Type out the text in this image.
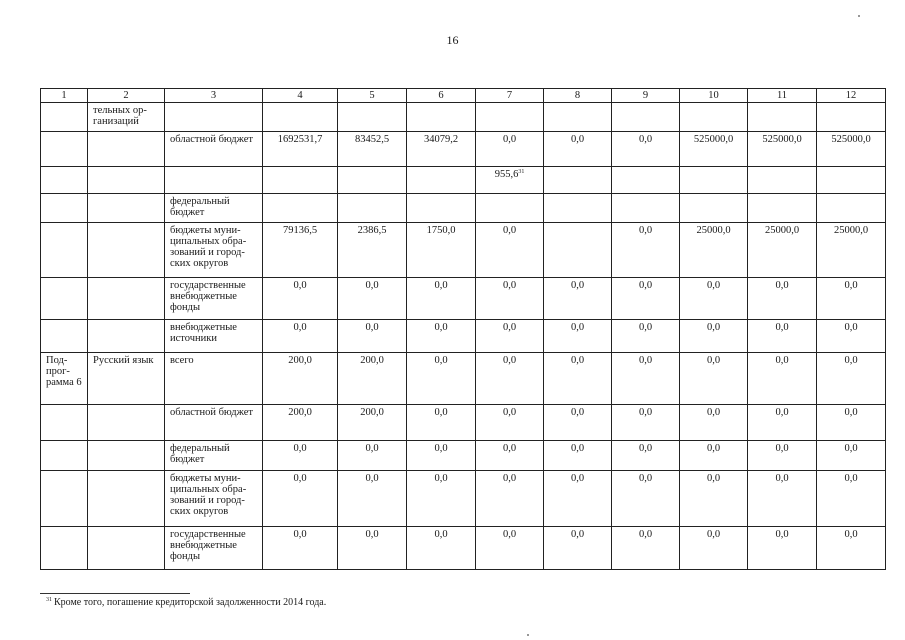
16
1	2	3	4	5	6	7	8	9	10	11	12
	тельных ор-ганизаций										
		областной бюджет	1692531,7	83452,5	34079,2	0,0	0,0	0,0	525000,0	525000,0	525000,0
						955,6$^{31}$					
		федеральный бюджет									
		бюджеты муни-ципальных обра-зований и город-ских округов	79136,5	2386,5	1750,0	0,0		0,0	25000,0	25000,0	25000,0
		государственные внебюджетные фонды	0,0	0,0	0,0	0,0	0,0	0,0	0,0	0,0	0,0
		внебюджетные источники	0,0	0,0	0,0	0,0	0,0	0,0	0,0	0,0	0,0
Под-прог-рамма 6	Русский язык	всего	200,0	200,0	0,0	0,0	0,0	0,0	0,0	0,0	0,0
		областной бюджет	200,0	200,0	0,0	0,0	0,0	0,0	0,0	0,0	0,0
		федеральный бюджет	0,0	0,0	0,0	0,0	0,0	0,0	0,0	0,0	0,0
		бюджеты муни-ципальных обра-зований и город-ских округов	0,0	0,0	0,0	0,0	0,0	0,0	0,0	0,0	0,0
		государственные внебюджетные фонды	0,0	0,0	0,0	0,0	0,0	0,0	0,0	0,0	0,0
$^{31}$ Кроме того, погашение кредиторской задолженности 2014 года.
